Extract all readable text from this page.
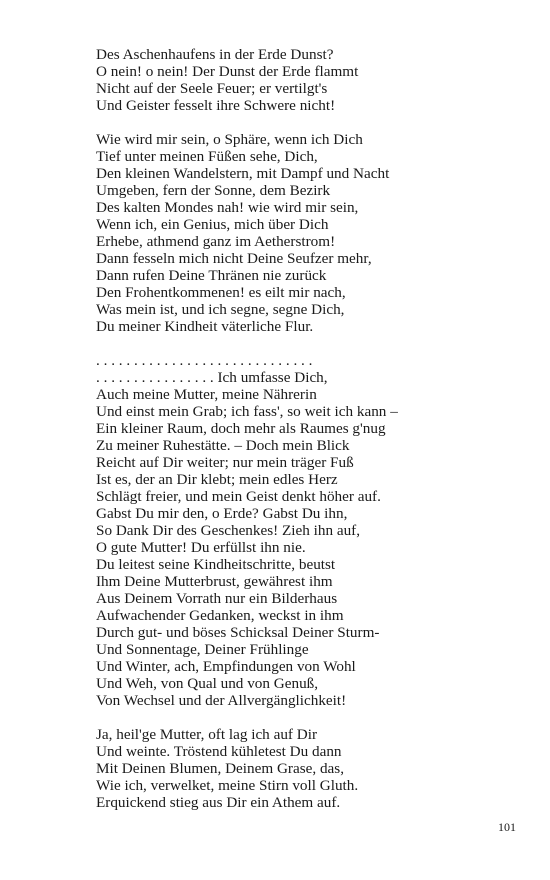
Des Aschenhaufens in der Erde Dunst?
O nein! o nein! Der Dunst der Erde flammt
Nicht auf der Seele Feuer; er vertilgt's
Und Geister fesselt ihre Schwere nicht!
Wie wird mir sein, o Sphäre, wenn ich Dich
Tief unter meinen Füßen sehe, Dich,
Den kleinen Wandelstern, mit Dampf und Nacht
Umgeben, fern der Sonne, dem Bezirk
Des kalten Mondes nah! wie wird mir sein,
Wenn ich, ein Genius, mich über Dich
Erhebe, athmend ganz im Aetherstrom!
Dann fesseln mich nicht Deine Seufzer mehr,
Dann rufen Deine Thränen nie zurück
Den Frohentkommenen! es eilt mir nach,
Was mein ist, und ich segne, segne Dich,
Du meiner Kindheit väterliche Flur.
. . . . . . . . . . . . . . . . . . . . . . . . . . . . .
. . . . . . . . . . . . . . . . Ich umfasse Dich,
Auch meine Mutter, meine Nährerin
Und einst mein Grab; ich fass', so weit ich kann –
Ein kleiner Raum, doch mehr als Raumes g'nug
Zu meiner Ruhestätte. – Doch mein Blick
Reicht auf Dir weiter; nur mein träger Fuß
Ist es, der an Dir klebt; mein edles Herz
Schlägt freier, und mein Geist denkt höher auf.
Gabst Du mir den, o Erde? Gabst Du ihn,
So Dank Dir des Geschenkes! Zieh ihn auf,
O gute Mutter! Du erfüllst ihn nie.
Du leitest seine Kindheitschritte, beutst
Ihm Deine Mutterbrust, gewährest ihm
Aus Deinem Vorrath nur ein Bilderhaus
Aufwachender Gedanken, weckst in ihm
Durch gut- und böses Schicksal Deiner Sturm-
Und Sonnentage, Deiner Frühlinge
Und Winter, ach, Empfindungen von Wohl
Und Weh, von Qual und von Genuß,
Von Wechsel und der Allvergänglichkeit!
Ja, heil'ge Mutter, oft lag ich auf Dir
Und weinte. Tröstend kühletest Du dann
Mit Deinen Blumen, Deinem Grase, das,
Wie ich, verwelket, meine Stirn voll Gluth.
Erquickend stieg aus Dir ein Athem auf.
101
